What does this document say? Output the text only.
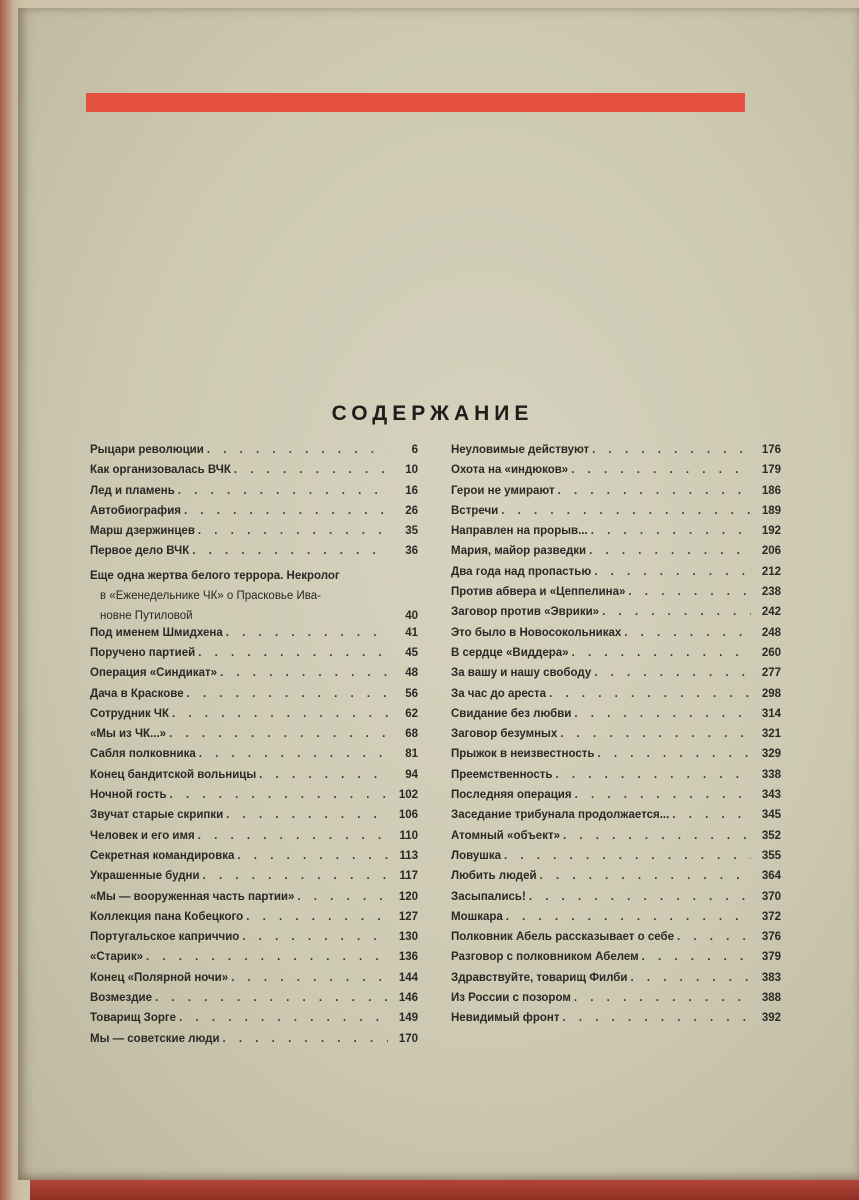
СОДЕРЖАНИЕ
Рыцари революции . . .	6
Как организовалась ВЧК . . .	10
Лед и пламень . . .	16
Автобиография . . .	26
Марш дзержинцев . . .	35
Первое дело ВЧК . . .	36
Еще одна жертва белого террора. Некролог
в «Еженедельнике ЧК» о Прасковье Ива-
новне Путиловой	40
Под именем Шмидхена . . .	41
Поручено партией . . .	45
Операция «Синдикат» . . .	48
Дача в Краскове . . .	56
Сотрудник ЧК . . .	62
«Мы из ЧК...» . . .	68
Сабля полковника . . .	81
Конец бандитской вольницы . . .	94
Ночной гость . . .	102
Звучат старые скрипки . . .	106
Человек и его имя . . .	110
Секретная командировка . . .	113
Украшенные будни . . .	117
«Мы — вооруженная часть партии» . . .	120
Коллекция пана Кобецкого . . .	127
Португальское каприччио . . .	130
«Старик» . . .	136
Конец «Полярной ночи» . . .	144
Возмездие . . .	146
Товарищ Зорге . . .	149
Мы — советские люди . . .	170
Неуловимые действуют . . .	176
Охота на «индюков» . . .	179
Герои не умирают . . .	186
Встречи . . .	189
Направлен на прорыв... . . .	192
Мария, майор разведки . . .	206
Два года над пропастью . . .	212
Против абвера и «Цеппелина» . . .	238
Заговор против «Эврики» . . .	242
Это было в Новосокольниках . . .	248
В сердце «Виддера» . . .	260
За вашу и нашу свободу . . .	277
За час до ареста . . .	298
Свидание без любви . . .	314
Заговор безумных . . .	321
Прыжок в неизвестность . . .	329
Преемственность . . .	338
Последняя операция . . .	343
Заседание трибунала продолжается... . . .	345
Атомный «объект» . . .	352
Ловушка . . .	355
Любить людей . . .	364
Засыпались! . . .	370
Мошкара . . .	372
Полковник Абель рассказывает о себе . . .	376
Разговор с полковником Абелем . . .	379
Здравствуйте, товарищ Филби . . .	383
Из России с позором . . .	388
Невидимый фронт . . .	392
